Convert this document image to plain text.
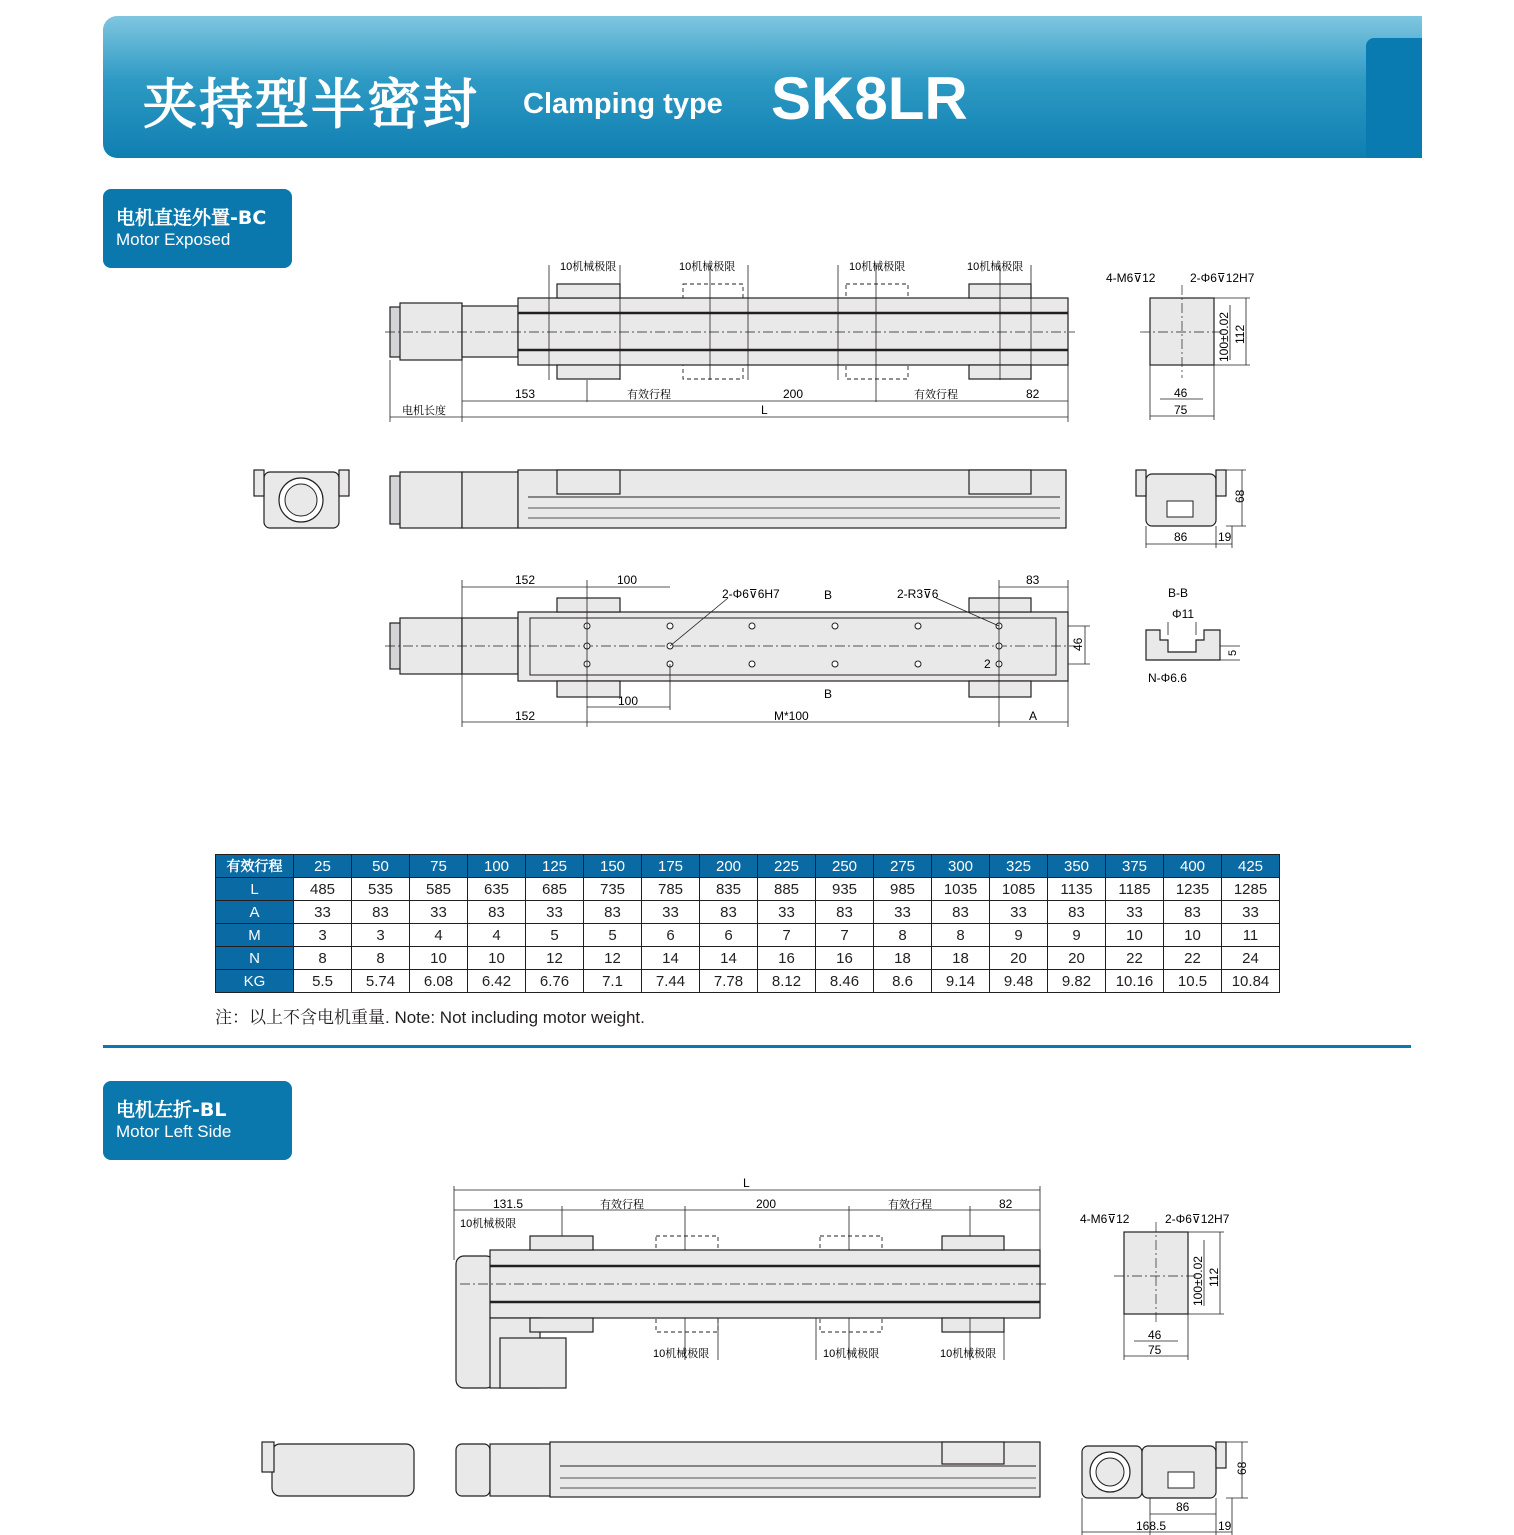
夹持型半密封 Clamping type SK8LR
电机直连外置-BC
Motor Exposed
10机械极限	10机械极限	10机械极限	10机械极限
153	有效行程	200	有效行程	82
电机长度	L
86	19
68
4-M6⊽12	2-Φ6⊽12H7
100±0.02 112
46
75
2-Φ6⊽6H7	2-R3⊽6
B
B
2
152	100	83
100
152	M*100	A
46
B-B
Φ11
5
N-Φ6.6
有效行程	25	50	75	100	125	150	175	200	225	250	275	300	325	350	375	400	425
L	485	535	585	635	685	735	785	835	885	935	985	1035	1085	1135	1185	1235	1285
A	33	83	33	83	33	83	33	83	33	83	33	83	33	83	33	83	33
M	3	3	4	4	5	5	6	6	7	7	8	8	9	9	10	10	11
N	8	8	10	10	12	12	14	14	16	16	18	18	20	20	22	22	24
KG	5.5	5.74	6.08	6.42	6.76	7.1	7.44	7.78	8.12	8.46	8.6	9.14	9.48	9.82	10.16	10.5	10.84
注：以上不含电机重量. Note: Not including motor weight.
电机左折-BL
Motor Left Side
L
131.5	有效行程	200	有效行程	82
10机械极限
10机械极限	10机械极限	10机械极限
4-M6⊽12	2-Φ6⊽12H7
100±0.02 112
46
75
86
168.5	19
68
